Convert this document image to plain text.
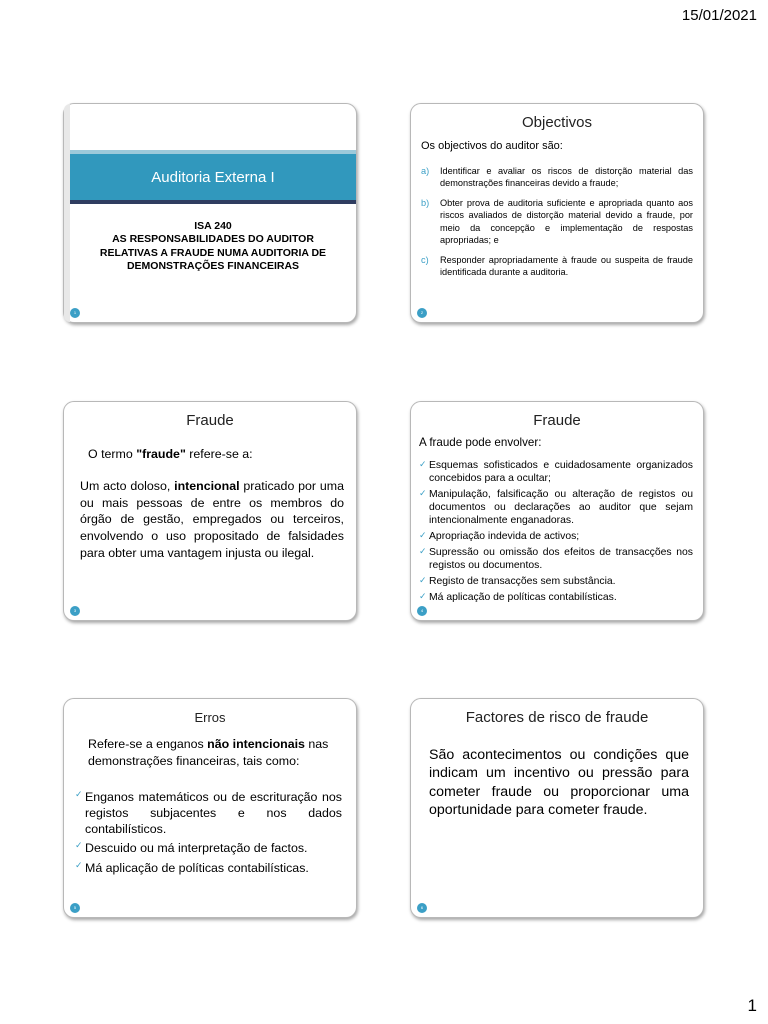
15/01/2021
Auditoria Externa I
ISA 240
AS RESPONSABILIDADES DO AUDITOR
RELATIVAS A FRAUDE NUMA AUDITORIA DE
DEMONSTRAÇÕES FINANCEIRAS
1
Objectivos
Os objectivos do auditor são:
a)	Identificar e avaliar os riscos de distorção material das demonstrações financeiras devido a fraude;
b)	Obter prova de auditoria suficiente e apropriada quanto aos riscos avaliados de distorção material devido a fraude, por meio da concepção e implementação de respostas apropriadas; e
c)	Responder apropriadamente à fraude ou suspeita de fraude identificada durante a auditoria.
2
Fraude
O termo "fraude" refere-se a:
Um acto doloso, intencional praticado por uma ou mais pessoas de entre os membros do órgão de gestão, empregados ou terceiros, envolvendo o uso propositado de falsidades para obter uma vantagem injusta ou ilegal.
3
Fraude
A fraude pode envolver:
✓ Esquemas sofisticados e cuidadosamente organizados concebidos para a ocultar;
✓ Manipulação, falsificação ou alteração de registos ou documentos ou declarações ao auditor que sejam intencionalmente enganadoras.
✓ Apropriação indevida de activos;
✓ Supressão ou omissão dos efeitos de transacções nos registos ou documentos.
✓ Registo de transacções sem substância.
✓ Má aplicação de políticas contabilísticas.
4
Erros
Refere-se a enganos não intencionais nas demonstrações financeiras, tais como:
✓ Enganos matemáticos ou de escrituração nos registos subjacentes e nos dados contabilísticos.
✓ Descuido ou má interpretação de factos.
✓ Má aplicação de políticas contabilísticas.
5
Factores de risco de fraude
São acontecimentos ou condições que indicam um incentivo ou pressão para cometer fraude ou proporcionar uma oportunidade para cometer fraude.
6
1
